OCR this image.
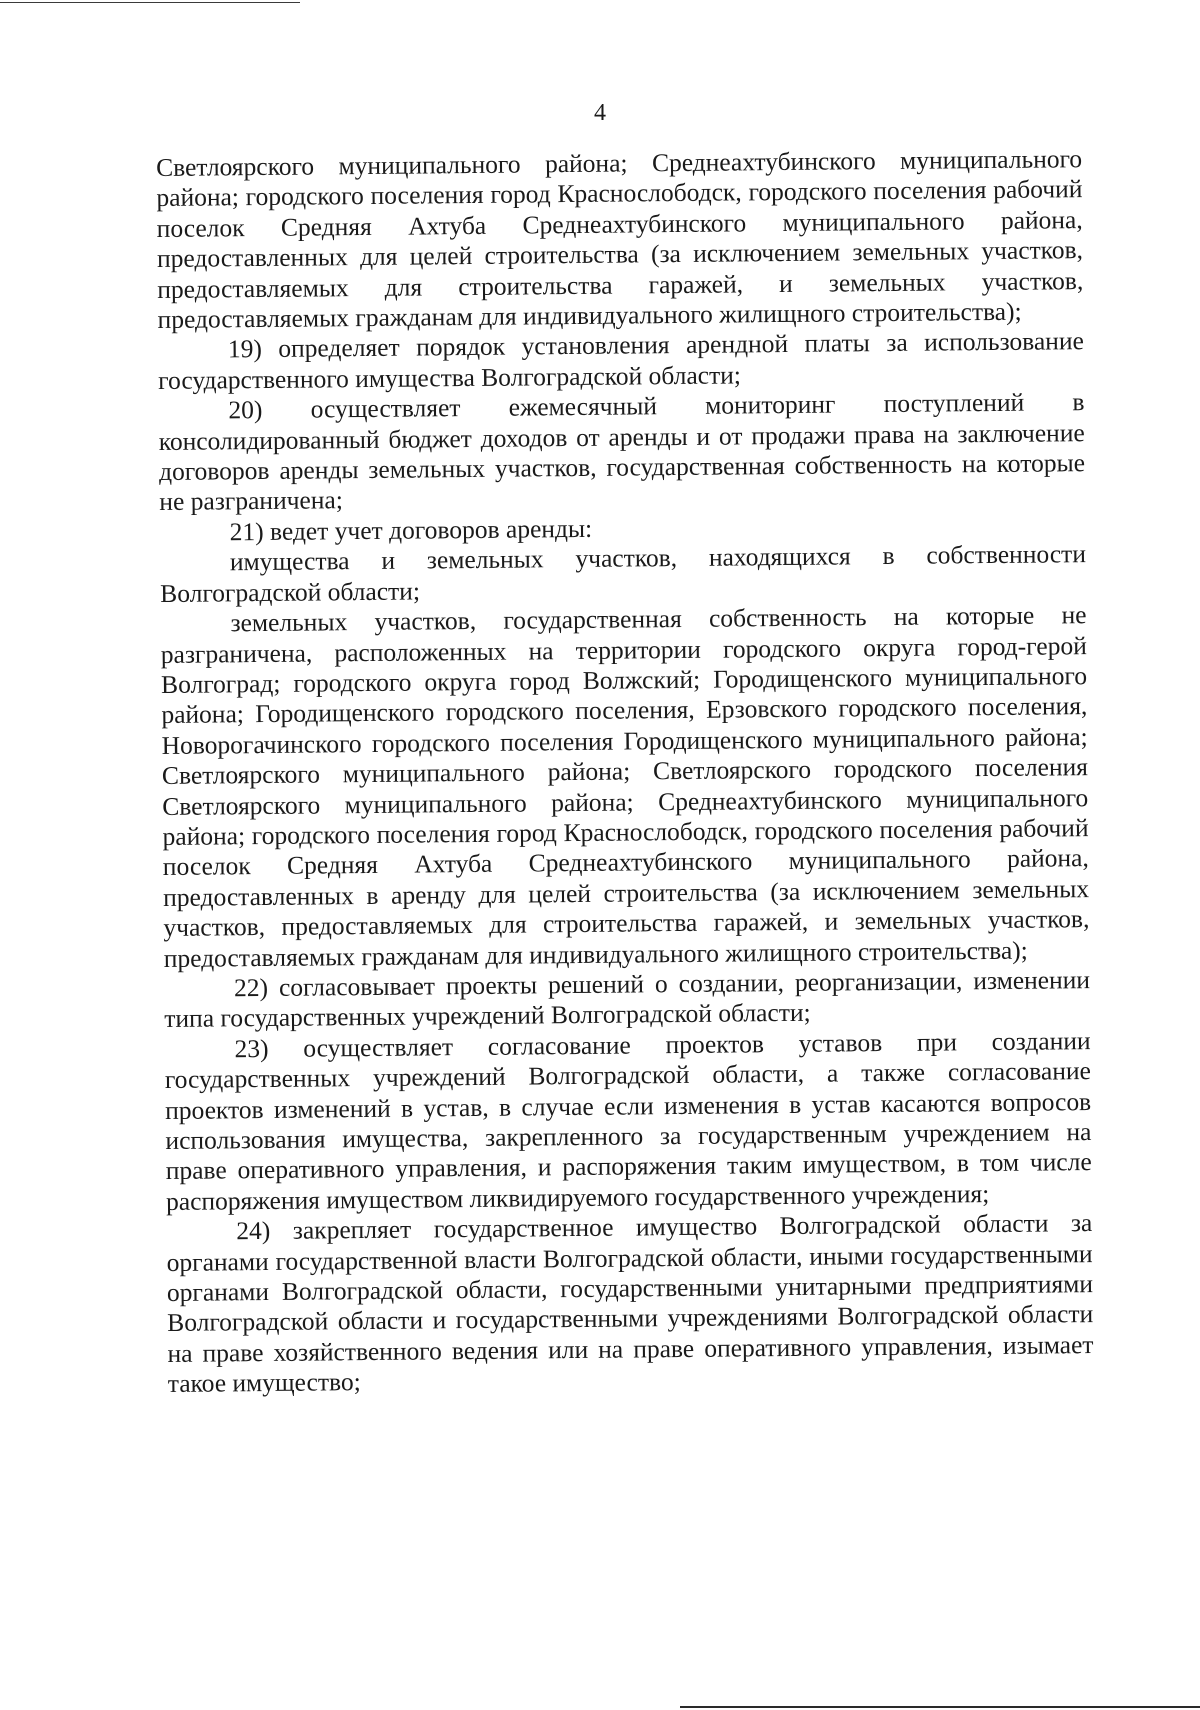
4

Светлоярского муниципального района; Среднеахтубинского муниципального района; городского поселения город Краснослободск, городского поселения рабочий поселок Средняя Ахтуба Среднеахтубинского муниципального района, предоставленных для целей строительства (за исключением земельных участков, предоставляемых для строительства гаражей, и земельных участков, предоставляемых гражданам для индивидуального жилищного строительства);

19) определяет порядок установления арендной платы за использование государственного имущества Волгоградской области;

20) осуществляет ежемесячный мониторинг поступлений в консолидированный бюджет доходов от аренды и от продажи права на заключение договоров аренды земельных участков, государственная собственность на которые не разграничена;

21) ведет учет договоров аренды:

имущества и земельных участков, находящихся в собственности Волгоградской области;

земельных участков, государственная собственность на которые не разграничена, расположенных на территории городского округа город-герой Волгоград; городского округа город Волжский; Городищенского муниципального района; Городищенского городского поселения, Ерзовского городского поселения, Новорогачинского городского поселения Городищенского муниципального района; Светлоярского муниципального района; Светлоярского городского поселения Светлоярского муниципального района; Среднеахтубинского муниципального района; городского поселения город Краснослободск, городского поселения рабочий поселок Средняя Ахтуба Среднеахтубинского муниципального района, предоставленных в аренду для целей строительства (за исключением земельных участков, предоставляемых для строительства гаражей, и земельных участков, предоставляемых гражданам для индивидуального жилищного строительства);

22) согласовывает проекты решений о создании, реорганизации, изменении типа государственных учреждений Волгоградской области;

23) осуществляет согласование проектов уставов при создании государственных учреждений Волгоградской области, а также согласование проектов изменений в устав, в случае если изменения в устав касаются вопросов использования имущества, закрепленного за государственным учреждением на праве оперативного управления, и распоряжения таким имуществом, в том числе распоряжения имуществом ликвидируемого государственного учреждения;

24) закрепляет государственное имущество Волгоградской области за органами государственной власти Волгоградской области, иными государственными органами Волгоградской области, государственными унитарными предприятиями Волгоградской области и государственными учреждениями Волгоградской области на праве хозяйственного ведения или на праве оперативного управления, изымает такое имущество;
